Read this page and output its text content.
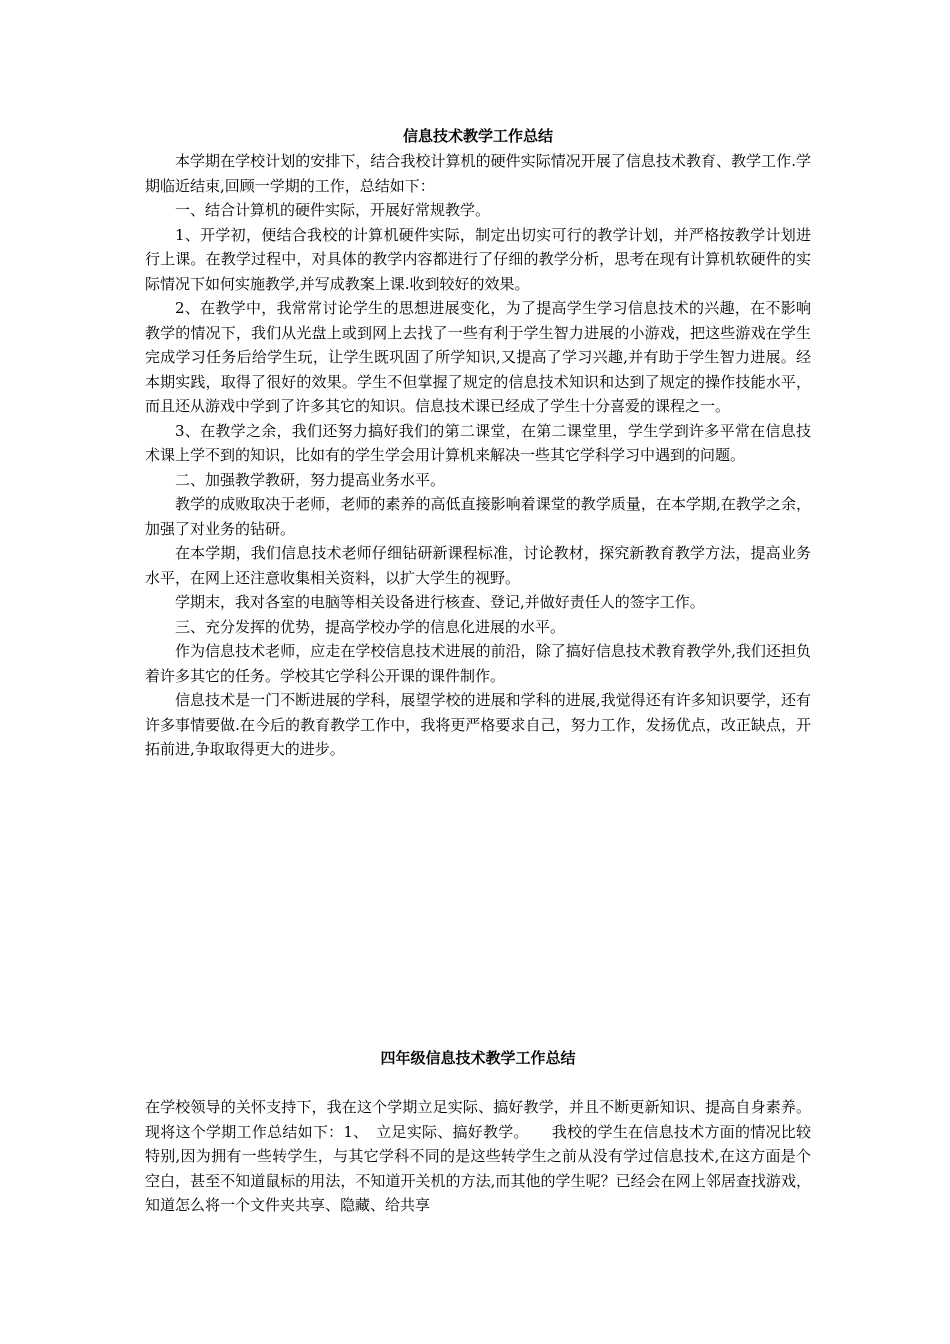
信息技术教学工作总结

本学期在学校计划的安排下，结合我校计算机的硬件实际情况开展了信息技术教育、教学工作.学期临近结束,回顾一学期的工作，总结如下：

一、结合计算机的硬件实际，开展好常规教学。

1、开学初，便结合我校的计算机硬件实际，制定出切实可行的教学计划，并严格按教学计划进行上课。在教学过程中，对具体的教学内容都进行了仔细的教学分析，思考在现有计算机软硬件的实际情况下如何实施教学,并写成教案上课.收到较好的效果。

2、在教学中，我常常讨论学生的思想进展变化，为了提高学生学习信息技术的兴趣，在不影响教学的情况下，我们从光盘上或到网上去找了一些有利于学生智力进展的小游戏，把这些游戏在学生完成学习任务后给学生玩，让学生既巩固了所学知识,又提高了学习兴趣,并有助于学生智力进展。经本期实践，取得了很好的效果。学生不但掌握了规定的信息技术知识和达到了规定的操作技能水平，而且还从游戏中学到了许多其它的知识。信息技术课已经成了学生十分喜爱的课程之一。

3、在教学之余，我们还努力搞好我们的第二课堂，在第二课堂里，学生学到许多平常在信息技术课上学不到的知识，比如有的学生学会用计算机来解决一些其它学科学习中遇到的问题。

二、加强教学教研，努力提高业务水平。

教学的成败取决于老师，老师的素养的高低直接影响着课堂的教学质量，在本学期,在教学之余，加强了对业务的钻研。

在本学期，我们信息技术老师仔细钻研新课程标准，讨论教材，探究新教育教学方法，提高业务水平，在网上还注意收集相关资料，以扩大学生的视野。

学期末，我对各室的电脑等相关设备进行核查、登记,并做好责任人的签字工作。

三、充分发挥的优势，提高学校办学的信息化进展的水平。

作为信息技术老师，应走在学校信息技术进展的前沿，除了搞好信息技术教育教学外,我们还担负着许多其它的任务。学校其它学科公开课的课件制作。

信息技术是一门不断进展的学科，展望学校的进展和学科的进展,我觉得还有许多知识要学，还有许多事情要做.在今后的教育教学工作中，我将更严格要求自己，努力工作，发扬优点，改正缺点，开拓前进,争取取得更大的进步。

四年级信息技术教学工作总结

在学校领导的关怀支持下，我在这个学期立足实际、搞好教学，并且不断更新知识、提高自身素养。现将这个学期工作总结如下：1、　立足实际、搞好教学。　　我校的学生在信息技术方面的情况比较特别,因为拥有一些转学生，与其它学科不同的是这些转学生之前从没有学过信息技术,在这方面是个空白，甚至不知道鼠标的用法，不知道开关机的方法,而其他的学生呢？已经会在网上邻居查找游戏，知道怎么将一个文件夹共享、隐藏、给共享
